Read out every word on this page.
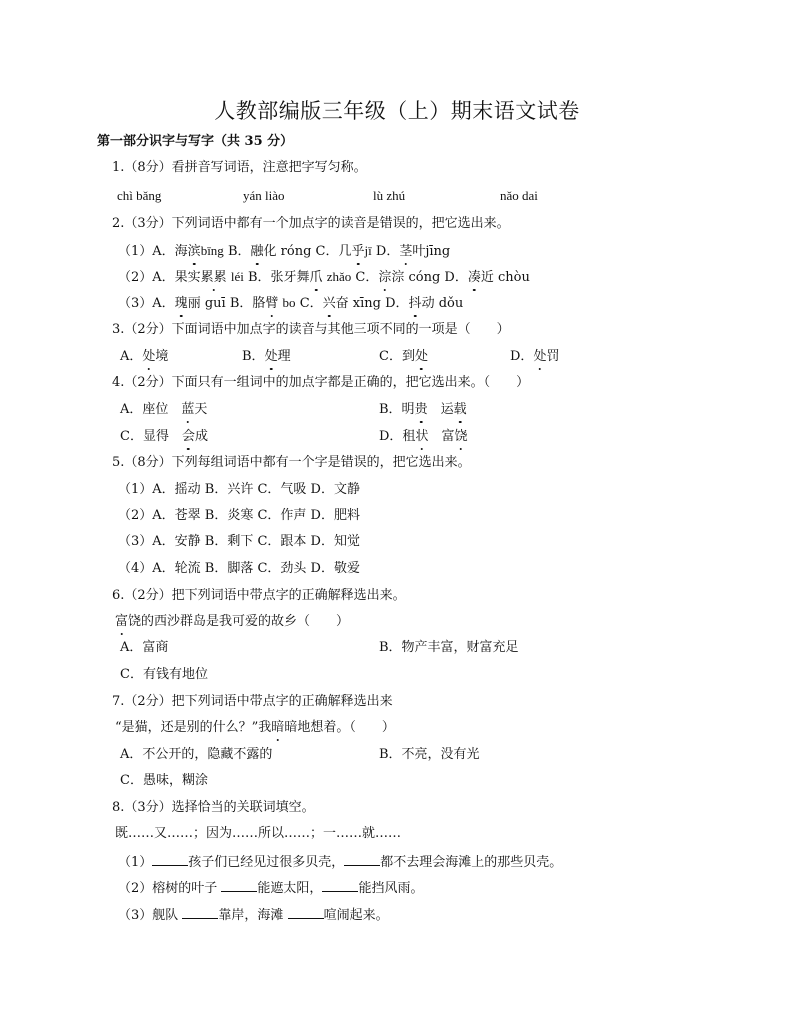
人教部编版三年级（上）期末语文试卷
第一部分识字与写字（共 35 分）
1.（8分）看拼音写词语，注意把字写匀称。
chì bǎng	yán liào	lù zhú	nǎo dai
2.（3分）下列词语中都有一个加点字的读音是错误的，把它选出来。
（1）A．海滨bīng B．融化 róng C．几乎jī D．茎叶jīng
（2）A．果实累累 léi B．张牙舞爪 zhǎo C．淙淙 cóng D．凑近 chòu
（3）A．瑰丽 guī B．胳臂 bo C．兴奋 xīng D．抖动 dǒu
3.（2分）下面词语中加点字的读音与其他三项不同的一项是（　　）
A．处境	B．处理	C．到处	D．处罚
4.（2分）下面只有一组词中的加点字都是正确的，把它选出来。（　　）
A．座位　 蓝天	B．明贵　 运载
C．显得　 会成	D．租状　 富饶
5.（8分）下列每组词语中都有一个字是错误的，把它选出来。
（1）A．摇动 B．兴许 C．气吸 D．文静
（2）A．苍翠 B．炎寒 C．作声 D．肥料
（3）A．安静 B．剩下 C．跟本 D．知觉
（4）A．轮流 B．脚落 C．劲头 D．敬爱
6.（2分）把下列词语中带点字的正确解释选出来。
富饶的西沙群岛是我可爱的故乡（　　）
A．富商	B．物产丰富，财富充足
C．有钱有地位
7.（2分）把下列词语中带点字的正确解释选出来
“是猫，还是别的什么？”我暗暗地想着。（　　）
A．不公开的，隐藏不露的	B．不亮，没有光
C．愚味，糊涂
8.（3分）选择恰当的关联词填空。
既……又……；因为……所以……；一……就……
（1）	孩子们已经见过很多贝壳，	都不去理会海滩上的那些贝壳。
（2）榕树的叶子	能遮太阳，	能挡风雨。
（3）舰队	靠岸，海滩	喧闹起来。
